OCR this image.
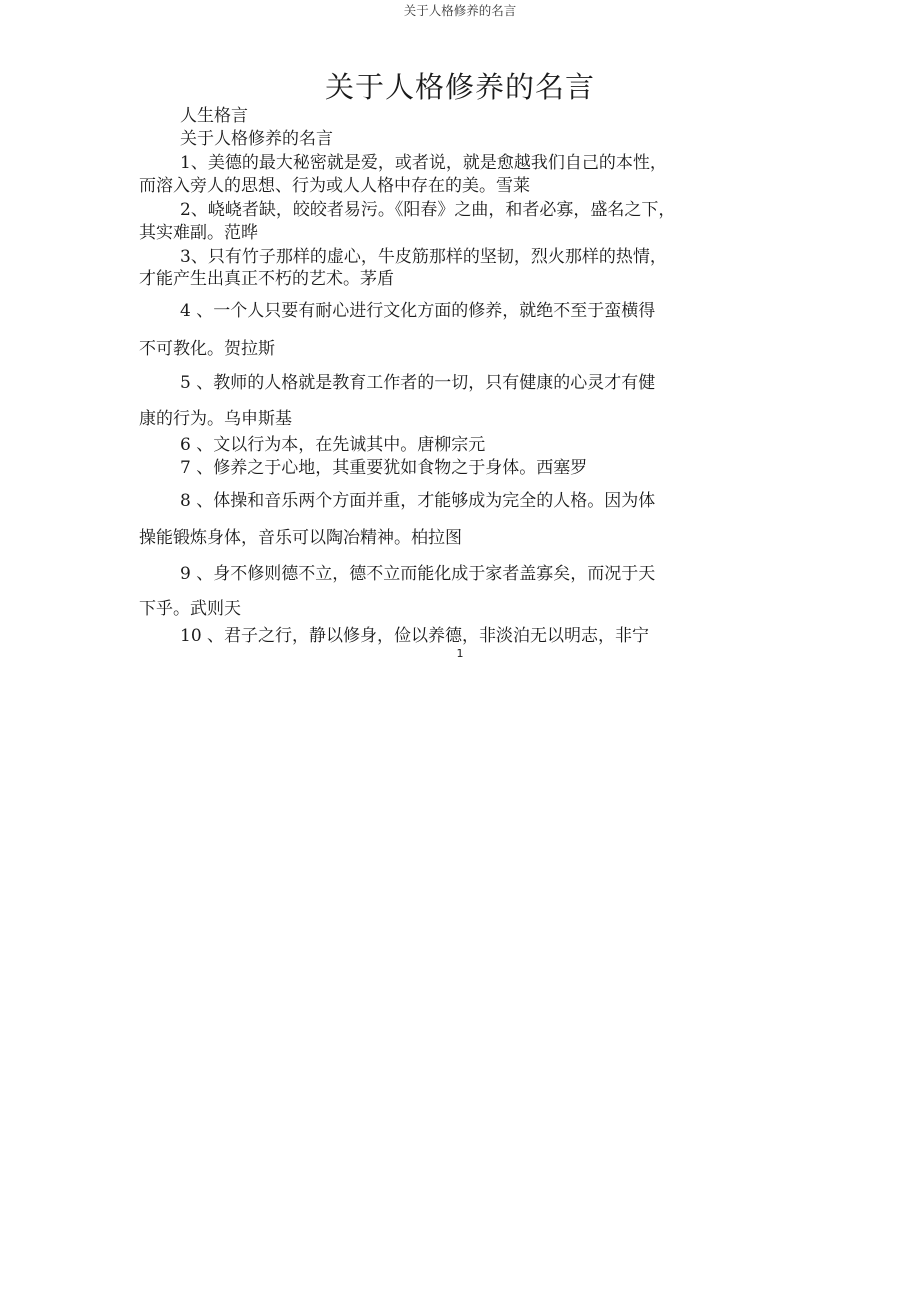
关于人格修养的名言
关于人格修养的名言
人生格言
关于人格修养的名言
1、美德的最大秘密就是爱，或者说，就是愈越我们自己的本性，
而溶入旁人的思想、行为或人人格中存在的美。雪莱
2、峣峣者缺，皎皎者易污。《阳春》之曲，和者必寡，盛名之下，
其实难副。范晔
3、只有竹子那样的虚心，牛皮筋那样的坚韧，烈火那样的热情，
才能产生出真正不朽的艺术。茅盾
4 、一个人只要有耐心进行文化方面的修养，就绝不至于蛮横得
不可教化。贺拉斯
5 、教师的人格就是教育工作者的一切，只有健康的心灵才有健
康的行为。乌申斯基
6 、文以行为本，在先诚其中。唐柳宗元
7 、修养之于心地，其重要犹如食物之于身体。西塞罗
8 、体操和音乐两个方面并重，才能够成为完全的人格。因为体
操能锻炼身体，音乐可以陶冶精神。柏拉图
9 、身不修则德不立，德不立而能化成于家者盖寡矣，而况于天
下乎。武则天
10 、君子之行，静以修身，俭以养德，非淡泊无以明志，非宁
1
